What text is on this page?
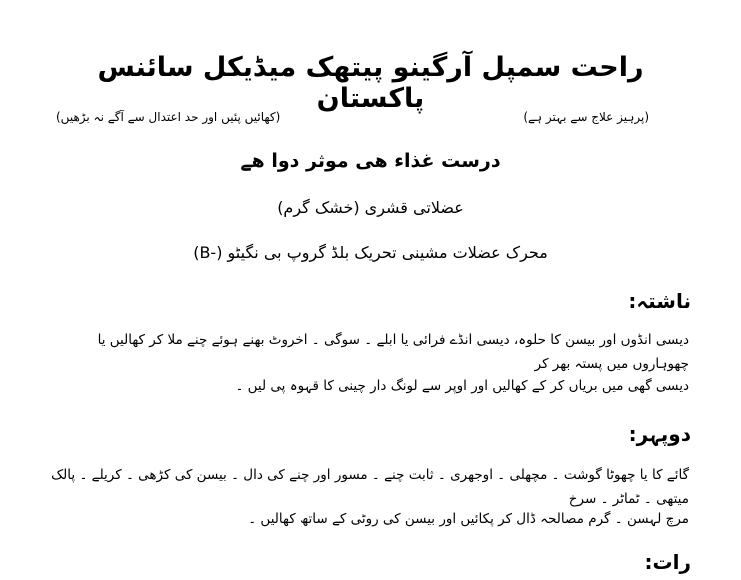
راحت سمپل آرگینو پیتھک میڈیکل سائنس پاکستان
(پرہیز علاج سے بہتر ہے)
(کھائیں پئیں اور حد اعتدال سے آگے نہ بڑھیں)
درست غذاء ھی موثر دوا ھے
عضلاتی قشری (خشک گرم)
محرک عضلات مشینی تحریک بلڈ گروپ بی نگیٹو (-B)
ناشتہ:
دیسی انڈوں اور بیسن کا حلوہ، دیسی انڈے فرائی یا ابلے ۔ سوگی ۔ اخروٹ بھنے ہوئے چنے ملا کر کھالیں یا چھوہاروں میں پستہ بھر کر
دیسی گھی میں بریاں کر کے کھالیں اور اوپر سے لونگ دار چینی کا قہوہ پی لیں ۔
دوپہر:
گائے کا یا چھوٹا گوشت ۔ مچھلی ۔ اوجھری ۔ ثابت چنے ۔ مسور اور چنے کی دال ۔ بیسن کی کڑھی ۔ کریلے ۔ پالک میتھی ۔ ٹماٹر ۔ سرخ
مرچ لہسن ۔ گرم مصالحہ ڈال کر پکائیں اور بیسن کی روٹی کے ساتھ کھالیں ۔
رات:
